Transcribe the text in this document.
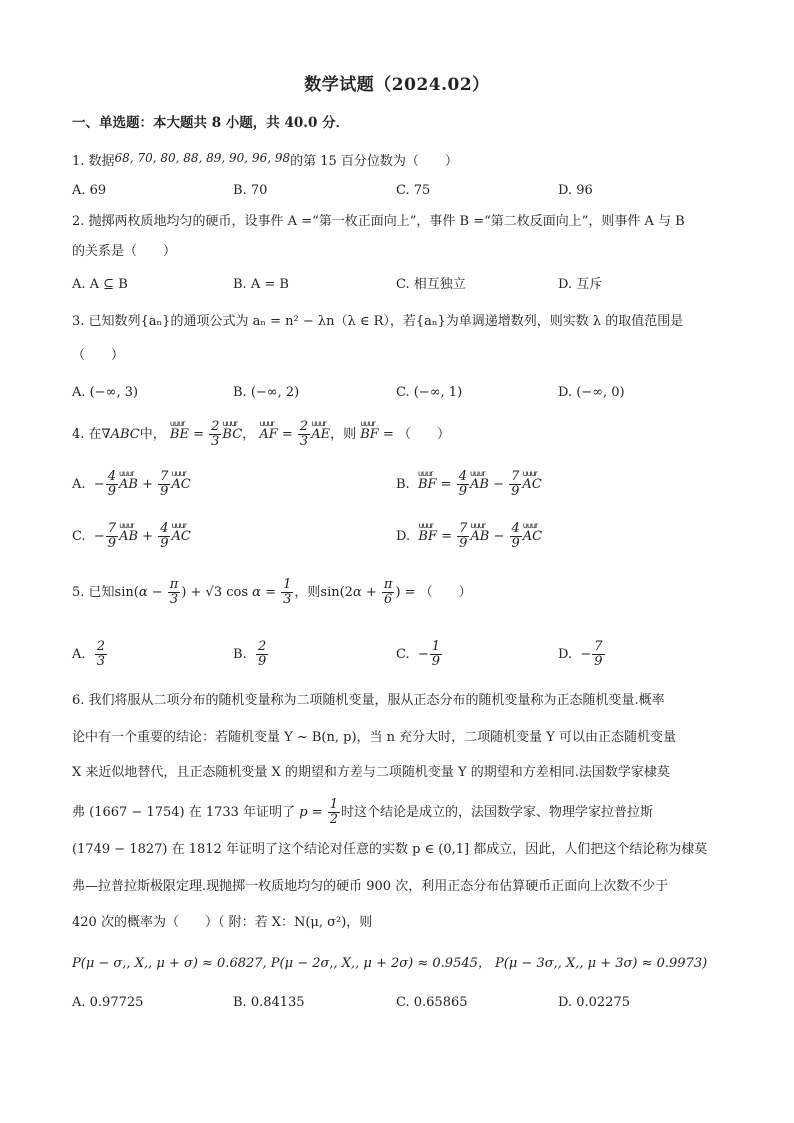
数学试题（2024.02）
一、单选题：本大题共 8 小题，共 40.0 分．
1. 数据68, 70, 80, 88, 89, 90, 96, 98的第 15 百分位数为（　　）
A. 69	B. 70	C. 75	D. 96
2. 抛掷两枚质地均匀的硬币，设事件 A =“第一枚正面向上”，事件 B =“第二枚反面向上”，则事件 A 与 B
的关系是（　　）
A. A ⊆ B	B. A = B	C. 相互独立	D. 互斥
3. 已知数列{aₙ}的通项公式为 aₙ = n² − λn（λ ∈ R），若{aₙ}为单调递增数列，则实数 λ 的取值范围是
（　　）
A. (−∞, 3)	B. (−∞, 2)	C. (−∞, 1)	D. (−∞, 0)
4. 在∇ABC中， uuur BE = $\frac{2}{3}$ uuur BC， uuur AF = $\frac{2}{3}$ uuur AE，则 uuur BF = （　　）
A.  − $\frac{4}{9}$ uuur AB + $\frac{7}{9}$ uuur AC	B. uuur BF = $\frac{4}{9}$ uuur AB − $\frac{7}{9}$ uuur AC
C.  − $\frac{7}{9}$ uuur AB + $\frac{4}{9}$ uuur AC	D. uuur BF = $\frac{7}{9}$ uuur AB − $\frac{4}{9}$ uuur AC
5. 已知$\sin(\alpha - \frac{\pi}{3}$ ) + √3 $\cos \alpha = \frac{1}{3}$ ，则$\sin(2\alpha + \frac{\pi}{6}$ ) = （　　）
A. $\frac{2}{3}$	B. $\frac{2}{9}$	C.  − $\frac{1}{9}$	D.  − $\frac{7}{9}$
6. 我们将服从二项分布的随机变量称为二项随机变量，服从正态分布的随机变量称为正态随机变量.概率
论中有一个重要的结论：若随机变量 Y ~ B(n, p)，当 n 充分大时，二项随机变量 Y 可以由正态随机变量
X 来近似地替代，且正态随机变量 X 的期望和方差与二项随机变量 Y 的期望和方差相同.法国数学家棣莫
弗 (1667 − 1754) 在 1733 年证明了 $p = \frac{1}{2}$ 时这个结论是成立的，法国数学家、物理学家拉普拉斯
(1749 − 1827) 在 1812 年证明了这个结论对任意的实数 p ∈ (0,1] 都成立，因此，人们把这个结论称为棣莫
弗—拉普拉斯极限定理.现抛掷一枚质地均匀的硬币 900 次，利用正态分布估算硬币正面向上次数不少于
420 次的概率为（　　）（ 附：若 X：N(μ, σ²)，则
P(μ − σ,, X,, μ + σ) ≈ 0.6827, P(μ − 2σ,, X,, μ + 2σ) ≈ 0.9545， P(μ − 3σ,, X,, μ + 3σ) ≈ 0.9973)
A. 0.97725	B. 0.84135	C. 0.65865	D. 0.02275
